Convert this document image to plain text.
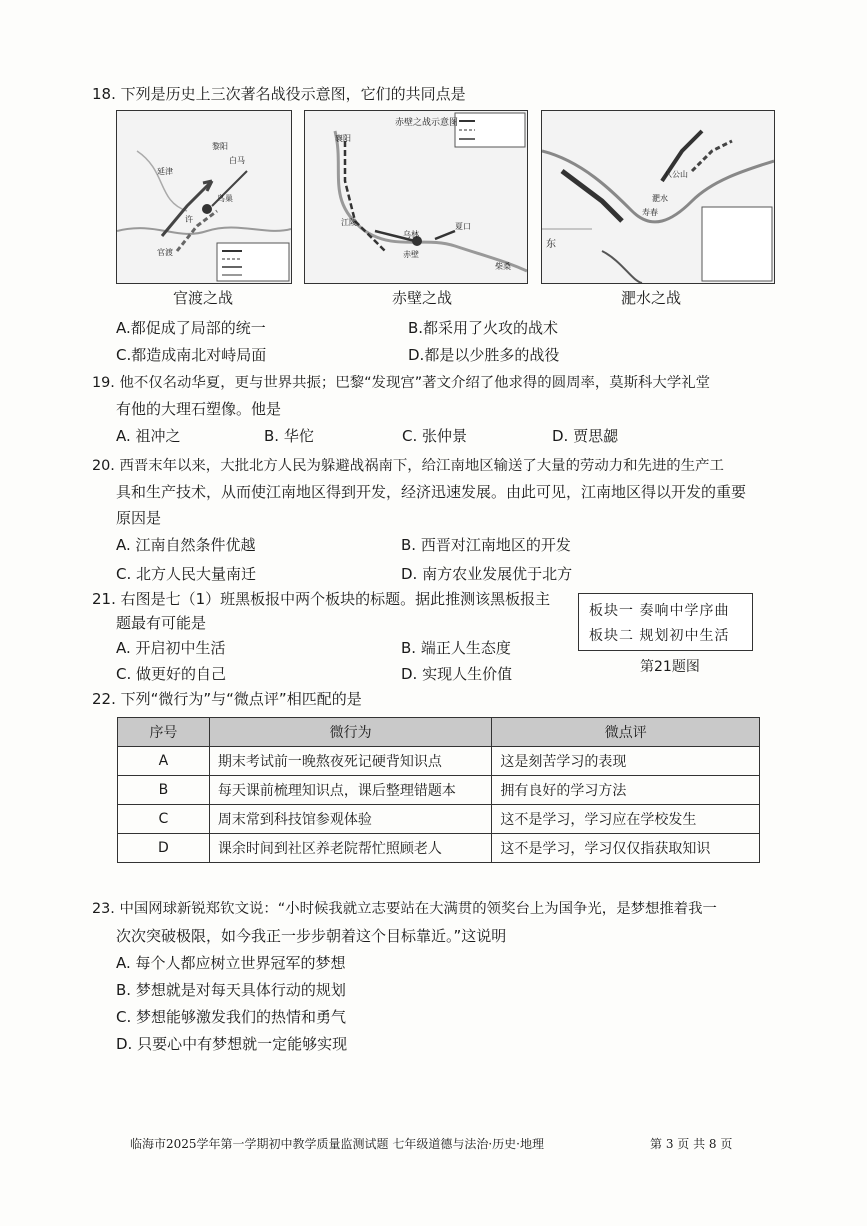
18. 下列是历史上三次著名战役示意图，它们的共同点是
黎阳
白马
延津
官渡
许
鸟巢
赤壁之战示意图
襄阳
江陵
赤壁
乌林
夏口
柴桑
东
八公山
淝水
寿春
官渡之战	赤壁之战	淝水之战
A.都促成了局部的统一	B.都采用了火攻的战术
C.都造成南北对峙局面	D.都是以少胜多的战役
19. 他不仅名动华夏，更与世界共振；巴黎“发现宫”著文介绍了他求得的圆周率，莫斯科大学礼堂
有他的大理石塑像。他是
A. 祖冲之	B. 华佗	C. 张仲景	D. 贾思勰
20. 西晋末年以来，大批北方人民为躲避战祸南下，给江南地区输送了大量的劳动力和先进的生产工
具和生产技术，从而使江南地区得到开发，经济迅速发展。由此可见，江南地区得以开发的重要
原因是
A. 江南自然条件优越	B. 西晋对江南地区的开发
C. 北方人民大量南迁	D. 南方农业发展优于北方
21. 右图是七（1）班黑板报中两个板块的标题。据此推测该黑板报主
题最有可能是
A. 开启初中生活	B. 端正人生态度
C. 做更好的自己	D. 实现人生价值
板块一 奏响中学序曲
板块二 规划初中生活
第21题图
22. 下列“微行为”与“微点评”相匹配的是
序号	微行为	微点评
A	期末考试前一晚熬夜死记硬背知识点	这是刻苦学习的表现
B	每天课前梳理知识点，课后整理错题本	拥有良好的学习方法
C	周末常到科技馆参观体验	这不是学习，学习应在学校发生
D	课余时间到社区养老院帮忙照顾老人	这不是学习，学习仅仅指获取知识
23. 中国网球新锐郑钦文说：“小时候我就立志要站在大满贯的领奖台上为国争光，是梦想推着我一
次次突破极限，如今我正一步步朝着这个目标靠近。”这说明
A. 每个人都应树立世界冠军的梦想
B. 梦想就是对每天具体行动的规划
C. 梦想能够激发我们的热情和勇气
D. 只要心中有梦想就一定能够实现
临海市2025学年第一学期初中教学质量监测试题 七年级道德与法治·历史·地理	第 3 页 共 8 页
